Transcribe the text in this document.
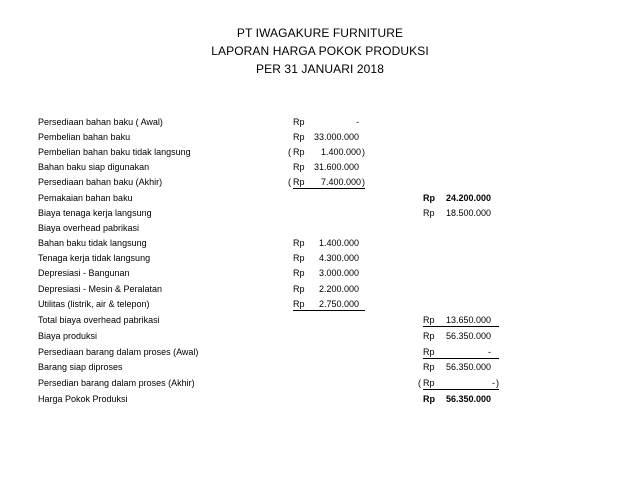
PT IWAGAKURE FURNITURE
LAPORAN HARGA POKOK PRODUKSI
PER 31 JANUARI 2018
Persediaan bahan baku ( Awal)	Rp	-
Pembelian bahan baku	Rp 33.000.000
Pembelian bahan baku tidak langsung	( Rp 1.400.000 )
Bahan baku siap digunakan	Rp 31.600.000
Persediaan bahan baku (Akhir)	( Rp 7.400.000 )
Pemakaian bahan baku	Rp 24.200.000
Biaya tenaga kerja langsung	Rp 18.500.000
Biaya overhead pabrikasi
Bahan baku tidak langsung	Rp 1.400.000
Tenaga kerja tidak langsung	Rp 4.300.000
Depresiasi - Bangunan	Rp 3.000.000
Depresiasi - Mesin & Peralatan	Rp 2.200.000
Utilitas (listrik, air & telepon)	Rp 2.750.000
Total biaya overhead pabrikasi	Rp 13.650.000
Biaya produksi	Rp 56.350.000
Persediaan barang dalam proses (Awal)	Rp	-
Barang siap diproses	Rp 56.350.000
Persedian barang dalam proses (Akhir)	( Rp	- )
Harga Pokok Produksi	Rp 56.350.000
